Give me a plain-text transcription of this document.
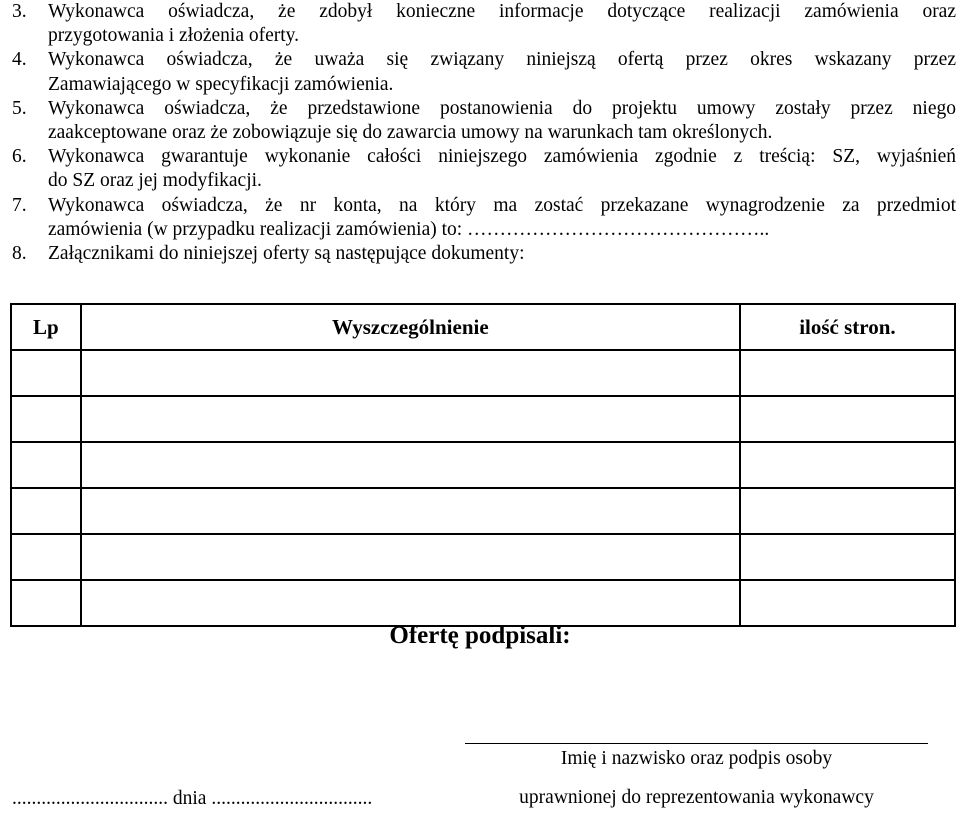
3.	Wykonawca oświadcza, że zdobył konieczne informacje dotyczące realizacji zamówienia oraz
przygotowania i złożenia oferty.
4.	Wykonawca oświadcza, że uważa się związany niniejszą ofertą przez okres wskazany przez
Zamawiającego w specyfikacji zamówienia.
5.	Wykonawca oświadcza, że przedstawione postanowienia do projektu umowy zostały przez niego
zaakceptowane oraz że zobowiązuje się do zawarcia umowy na warunkach tam określonych.
6.	Wykonawca gwarantuje wykonanie całości niniejszego zamówienia zgodnie z treścią: SZ, wyjaśnień
do SZ oraz jej modyfikacji.
7.	Wykonawca oświadcza, że nr konta, na który ma zostać przekazane wynagrodzenie za przedmiot
zamówienia (w przypadku realizacji zamówienia) to: ………………………………………..
8.	Załącznikami do niniejszej oferty są następujące dokumenty:
Lp	Wyszczególnienie	ilość stron.

Ofertę podpisali:
Imię i nazwisko oraz podpis osoby
uprawnionej do reprezentowania wykonawcy
................................ dnia .................................
